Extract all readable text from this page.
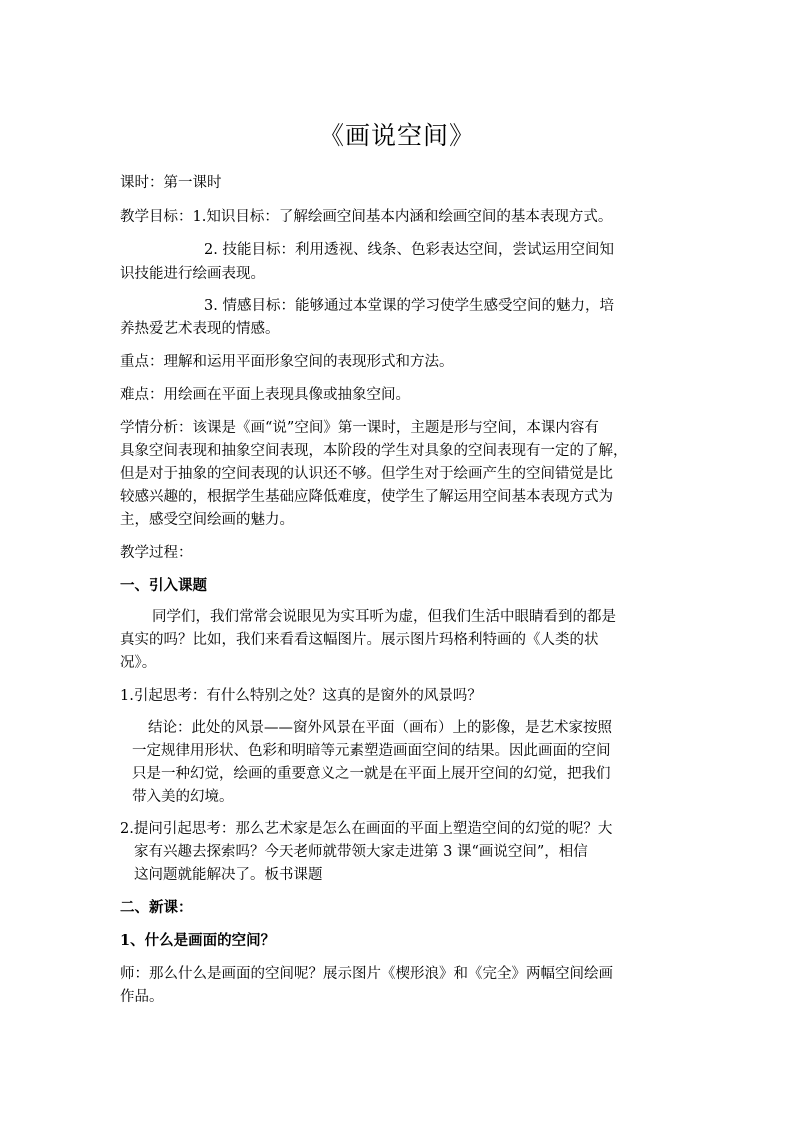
《画说空间》
课时：第一课时
教学目标：1.知识目标：了解绘画空间基本内涵和绘画空间的基本表现方式。
2. 技能目标：利用透视、线条、色彩表达空间，尝试运用空间知
识技能进行绘画表现。
3. 情感目标：能够通过本堂课的学习使学生感受空间的魅力，培
养热爱艺术表现的情感。
重点：理解和运用平面形象空间的表现形式和方法。
难点：用绘画在平面上表现具像或抽象空间。
学情分析：该课是《画“说”空间》第一课时，主题是形与空间，本课内容有
具象空间表现和抽象空间表现，本阶段的学生对具象的空间表现有一定的了解，
但是对于抽象的空间表现的认识还不够。但学生对于绘画产生的空间错觉是比
较感兴趣的，根据学生基础应降低难度，使学生了解运用空间基本表现方式为
主，感受空间绘画的魅力。
教学过程：
一、引入课题
同学们，我们常常会说眼见为实耳听为虚，但我们生活中眼睛看到的都是
真实的吗？比如，我们来看看这幅图片。展示图片玛格利特画的《人类的状
况》。
1.引起思考：有什么特别之处？这真的是窗外的风景吗？
结论：此处的风景——窗外风景在平面（画布）上的影像，是艺术家按照
一定规律用形状、色彩和明暗等元素塑造画面空间的结果。因此画面的空间
只是一种幻觉，绘画的重要意义之一就是在平面上展开空间的幻觉，把我们
带入美的幻境。
2.提问引起思考：那么艺术家是怎么在画面的平面上塑造空间的幻觉的呢？大
家有兴趣去探索吗？今天老师就带领大家走进第 3 课“画说空间”，相信
这问题就能解决了。板书课题
二、新课：
1、什么是画面的空间？
师：那么什么是画面的空间呢？展示图片《楔形浪》和《完全》两幅空间绘画
作品。
